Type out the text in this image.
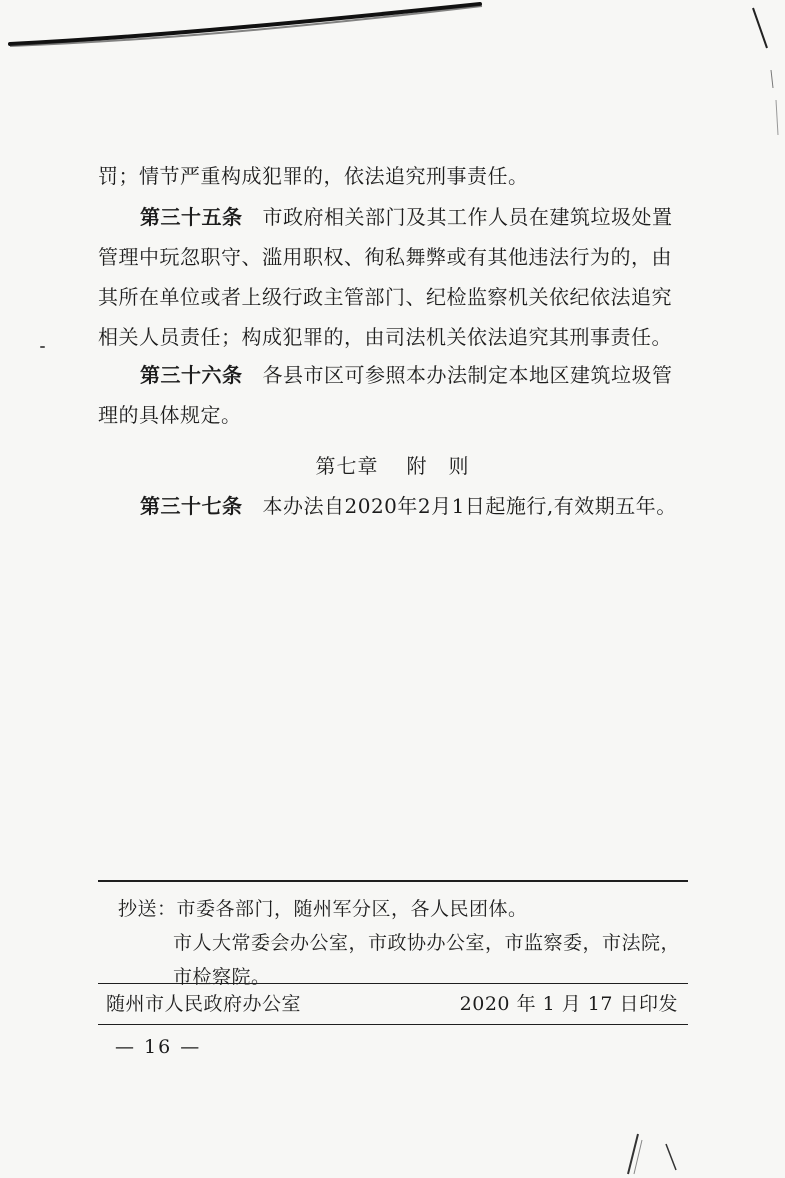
罚；情节严重构成犯罪的，依法追究刑事责任。
第三十五条 市政府相关部门及其工作人员在建筑垃圾处置
管理中玩忽职守、滥用职权、徇私舞弊或有其他违法行为的，由
其所在单位或者上级行政主管部门、纪检监察机关依纪依法追究
相关人员责任；构成犯罪的，由司法机关依法追究其刑事责任。
第三十六条 各县市区可参照本办法制定本地区建筑垃圾管
理的具体规定。
第七章 附　则
第三十七条 本办法自2020年2月1日起施行,有效期五年。
抄送：市委各部门，随州军分区，各人民团体。
市人大常委会办公室，市政协办公室，市监察委，市法院，
市检察院。
随州市人民政府办公室	2020 年 1 月 17 日印发
— 16 —
